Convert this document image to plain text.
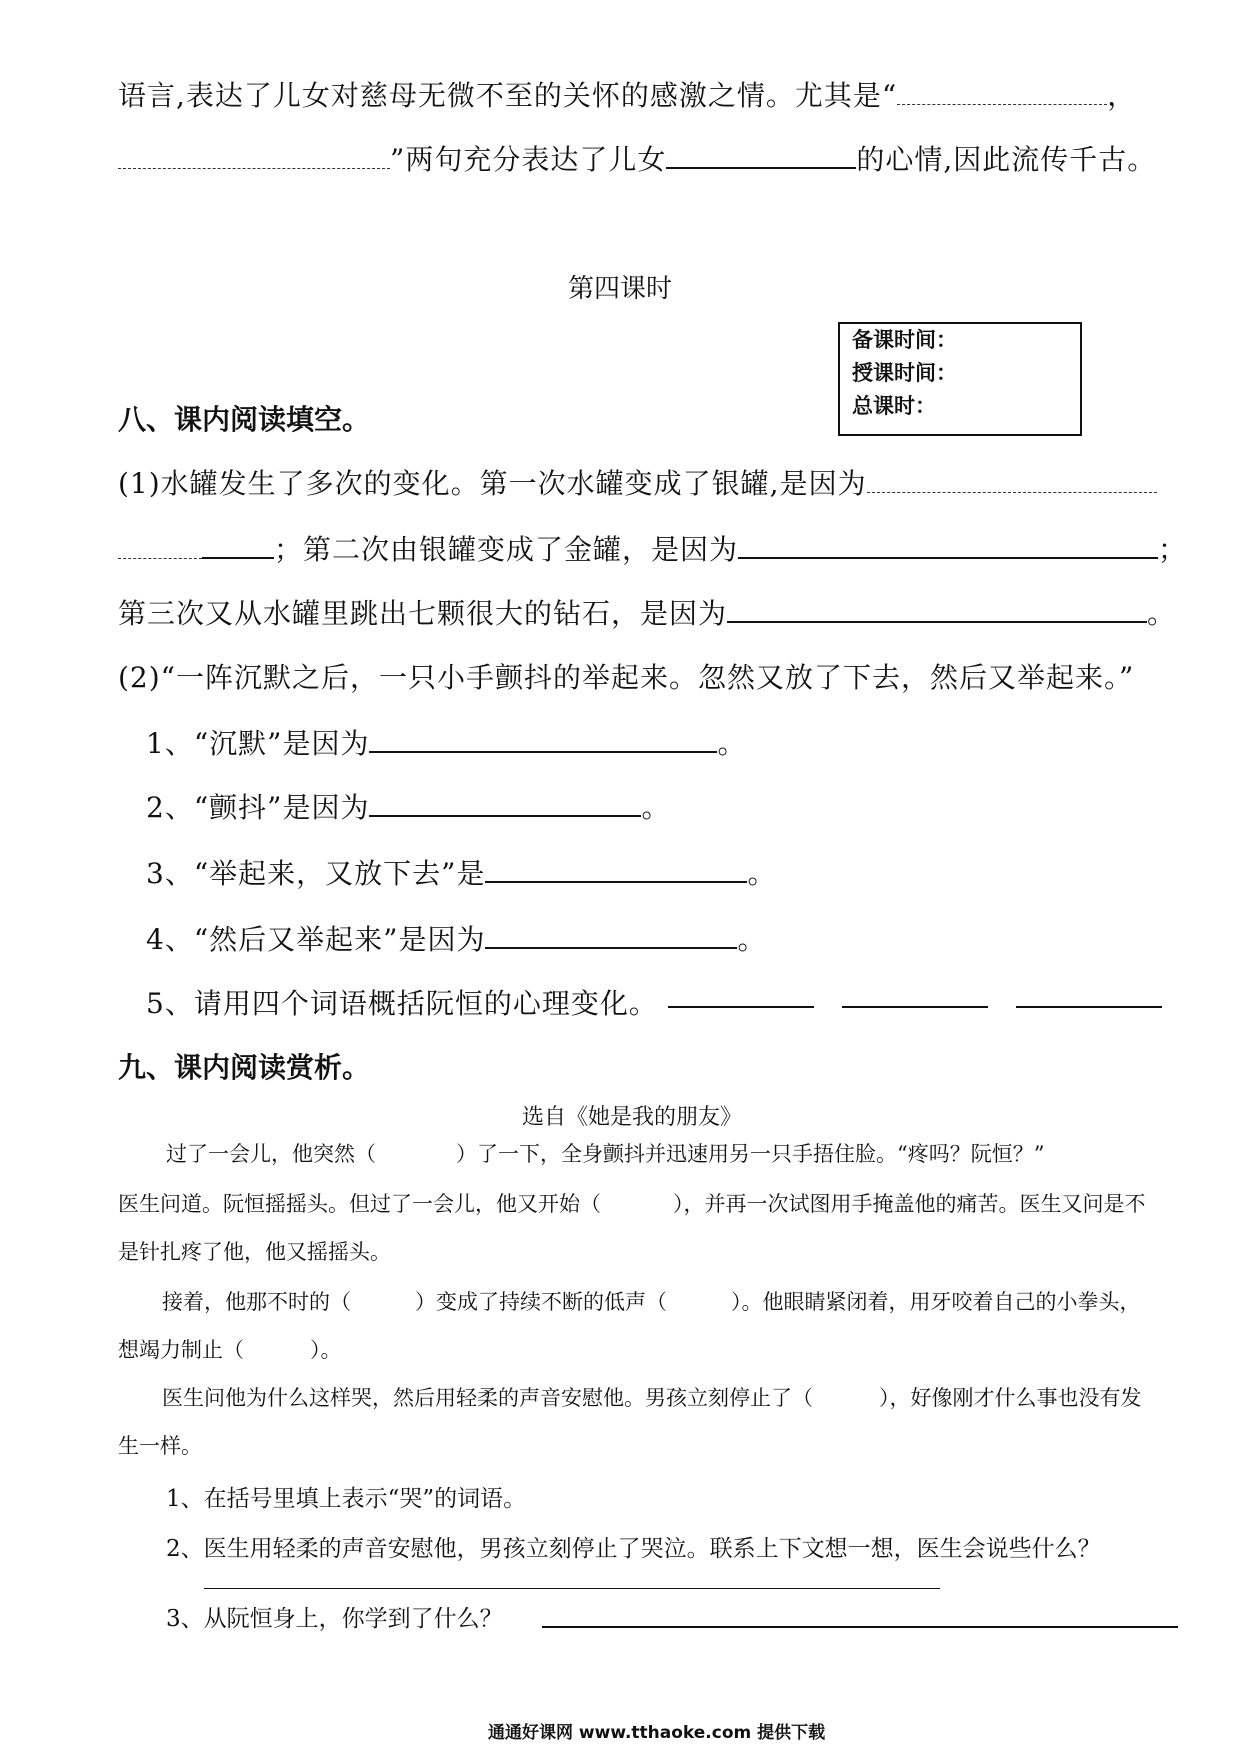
语言,表达了儿女对慈母无微不至的关怀的感激之情。尤其是“	，
”两句充分表达了儿女	的心情,因此流传千古。
第四课时
备课时间：
授课时间：
总课时：
八、课内阅读填空。
(1)水罐发生了多次的变化。第一次水罐变成了银罐,是因为
；第二次由银罐变成了金罐，是因为	；
第三次又从水罐里跳出七颗很大的钻石，是因为	。
(2)“一阵沉默之后，一只小手颤抖的举起来。忽然又放了下去，然后又举起来。”
1、“沉默”是因为	。
2、“颤抖”是因为	。
3、“举起来，又放下去”是	。
4、“然后又举起来”是因为	。
5、请用四个词语概括阮恒的心理变化。
九、课内阅读赏析。
选自《她是我的朋友》
过了一会儿，他突然（	）了一下，全身颤抖并迅速用另一只手捂住脸。“疼吗？阮恒？”
医生问道。阮恒摇摇头。但过了一会儿，他又开始（	），并再一次试图用手掩盖他的痛苦。医生又问是不
是针扎疼了他，他又摇摇头。
接着，他那不时的（	）变成了持续不断的低声（	）。他眼睛紧闭着，用牙咬着自己的小拳头，
想竭力制止（	）。
医生问他为什么这样哭，然后用轻柔的声音安慰他。男孩立刻停止了（	），好像刚才什么事也没有发
生一样。
1、在括号里填上表示“哭”的词语。
2、医生用轻柔的声音安慰他，男孩立刻停止了哭泣。联系上下文想一想，医生会说些什么？
3、从阮恒身上，你学到了什么？
通通好课网 www.tthaoke.com 提供下载
